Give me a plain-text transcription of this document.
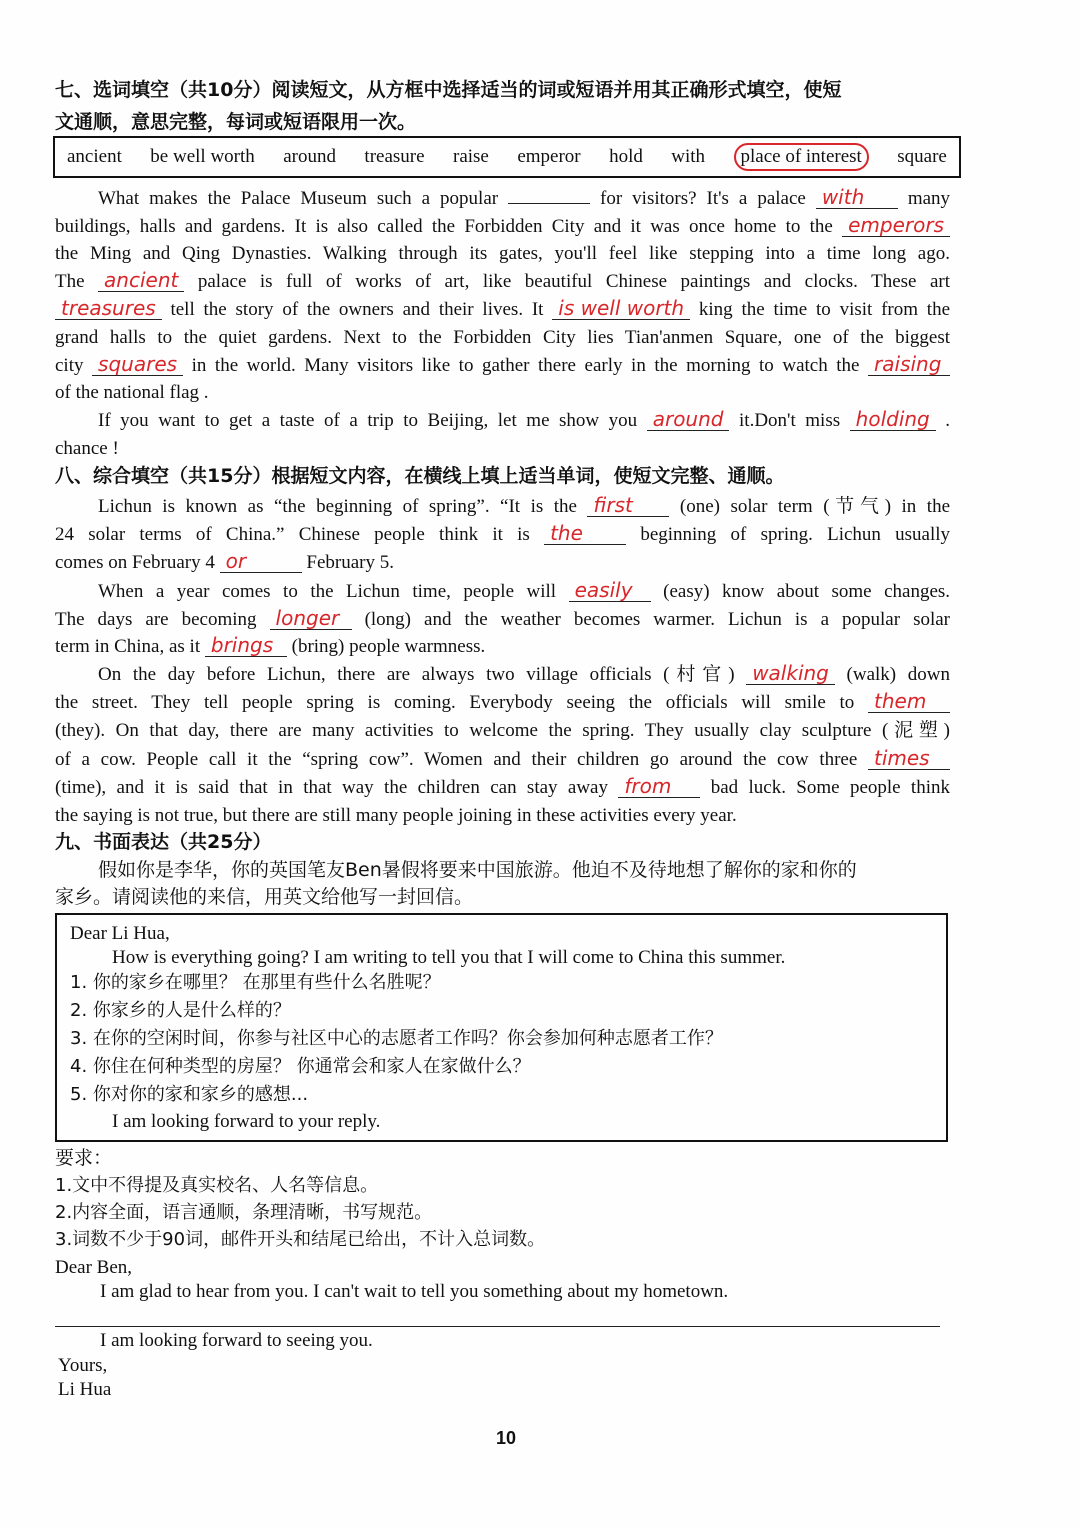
七、选词填空（共10分）阅读短文，从方框中选择适当的词或短语并用其正确形式填空，使短
文通顺，意思完整，每词或短语限用一次。
ancient be well worth around treasure raise emperor hold with	place of interest	square
What makes the Palace Museum such a popular	for visitors? It's a palace with many
buildings, halls and gardens. It is also called the Forbidden City and it was once home to the emperors
the Ming and Qing Dynasties. Walking through its gates, you'll feel like stepping into a time long ago.
The ancient palace is full of works of art, like beautiful Chinese paintings and clocks. These art
treasures tell the story of the owners and their lives. It is well worth king the time to visit from the
grand halls to the quiet gardens. Next to the Forbidden City lies Tian'anmen Square, one of the biggest
city squares in the world. Many visitors like to gather there early in the morning to watch the raising
of the national flag .
If you want to get a taste of a trip to Beijing, let me show you around it.Don't miss holding .
chance !
八、综合填空（共15分）根据短文内容，在横线上填上适当单词，使短文完整、通顺。
Lichun is known as “the beginning of spring”. “It is the first (one) solar term (节气) in the
24 solar terms of China.” Chinese people think it is the	beginning of spring. Lichun usually
comes on February 4 or	February 5.
When a year comes to the Lichun time, people will easily (easy) know about some changes.
The days are becoming longer (long) and the weather becomes warmer. Lichun is a popular solar
term in China, as it brings (bring) people warmness.
On the day before Lichun, there are always two village officials (村官) walking (walk) down
the street. They tell people spring is coming. Everybody seeing the officials will smile to them
(they). On that day, there are many activities to welcome the spring. They usually clay sculpture (泥塑)
of a cow. People call it the “spring cow”. Women and their children go around the cow three times
(time), and it is said that in that way the children can stay away from bad luck. Some people think
the saying is not true, but there are still many people joining in these activities every year.
九、书面表达（共25分）
假如你是李华，你的英国笔友Ben暑假将要来中国旅游。他迫不及待地想了解你的家和你的
家乡。请阅读他的来信，用英文给他写一封回信。
Dear Li Hua,
How is everything going? I am writing to tell you that I will come to China this summer.
1. 你的家乡在哪里？ 在那里有些什么名胜呢？
2. 你家乡的人是什么样的？
3. 在你的空闲时间，你参与社区中心的志愿者工作吗？你会参加何种志愿者工作？
4. 你住在何种类型的房屋？ 你通常会和家人在家做什么？
5. 你对你的家和家乡的感想...
I am looking forward to your reply.
要求：
1.文中不得提及真实校名、人名等信息。
2.内容全面，语言通顺，条理清晰，书写规范。
3.词数不少于90词，邮件开头和结尾已给出，不计入总词数。
Dear Ben,
I am glad to hear from you. I can't wait to tell you something about my hometown.
I am looking forward to seeing you.
Yours,
Li Hua
10
